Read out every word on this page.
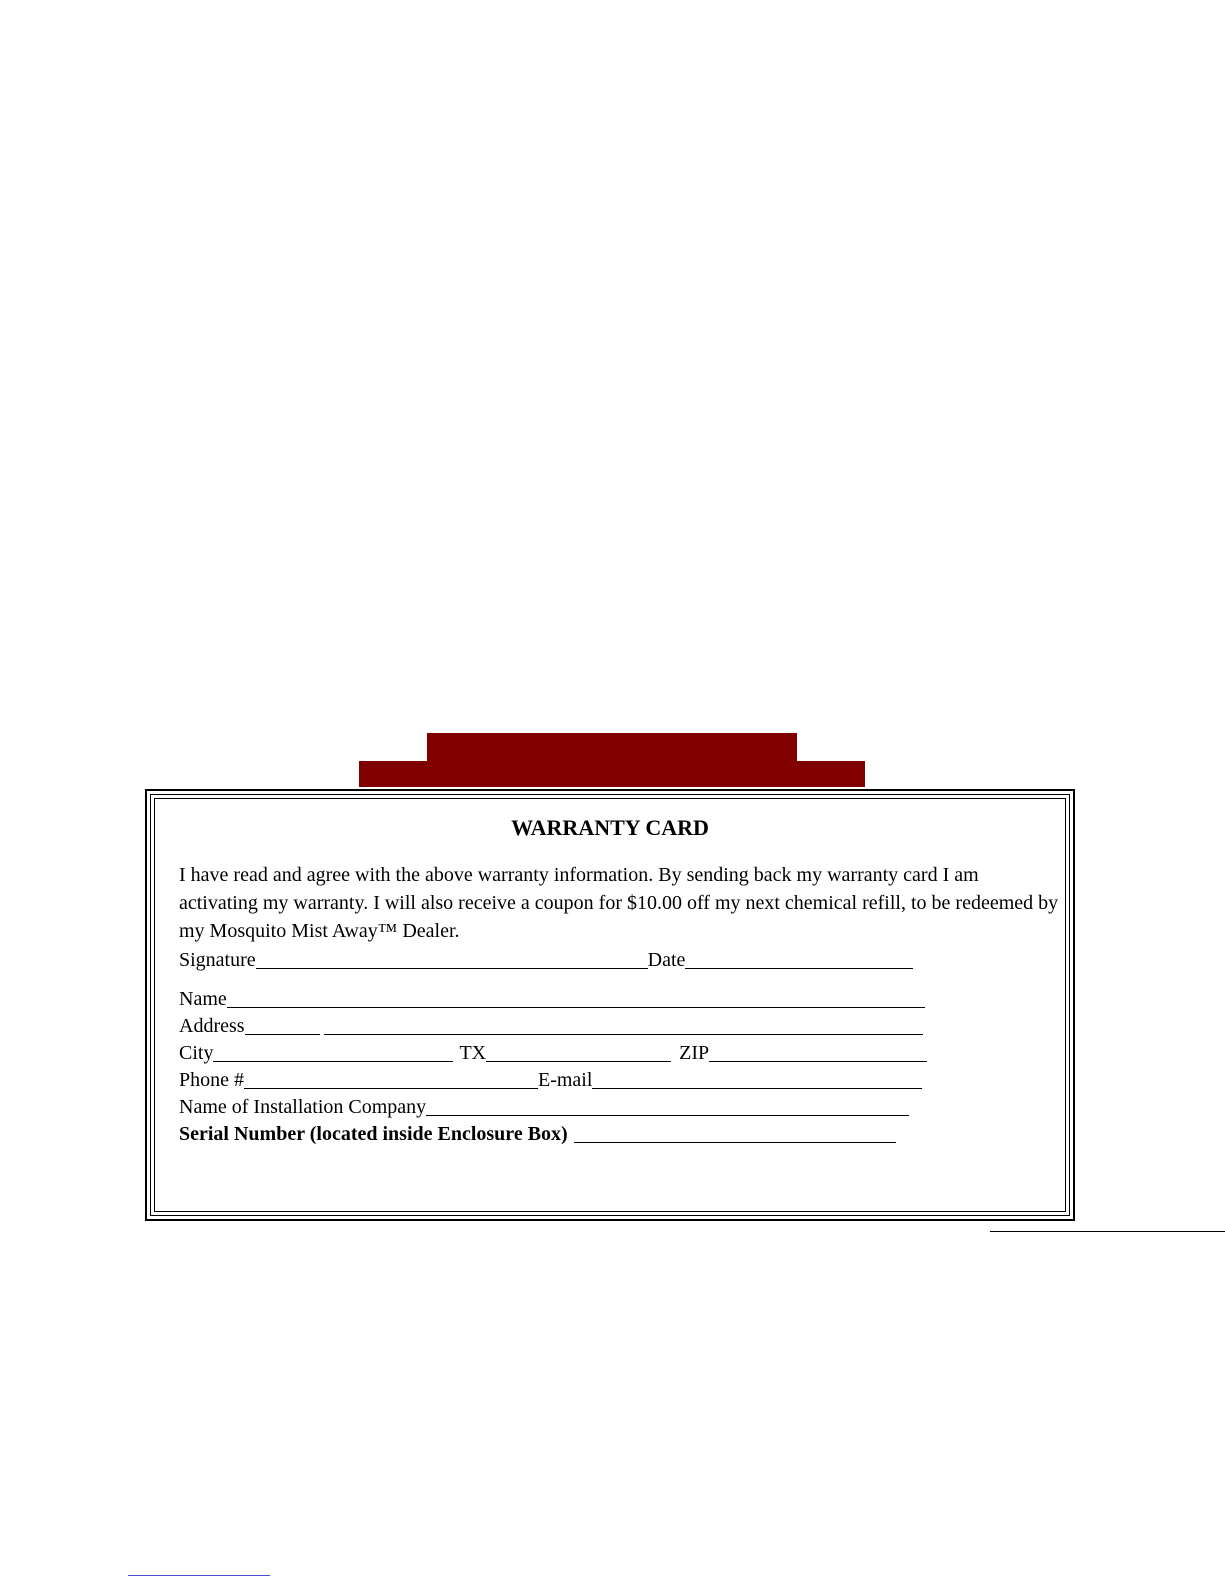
WARRANTY CARD
I have read and agree with the above warranty information. By sending back my warranty card I am activating my warranty. I will also receive a coupon for $10.00 off my next chemical refill, to be redeemed by my Mosquito Mist Away™ Dealer.
Signature	Date
Name
Address
City	TX	ZIP
Phone #	E-mail
Name of Installation Company
Serial Number (located inside Enclosure Box)
